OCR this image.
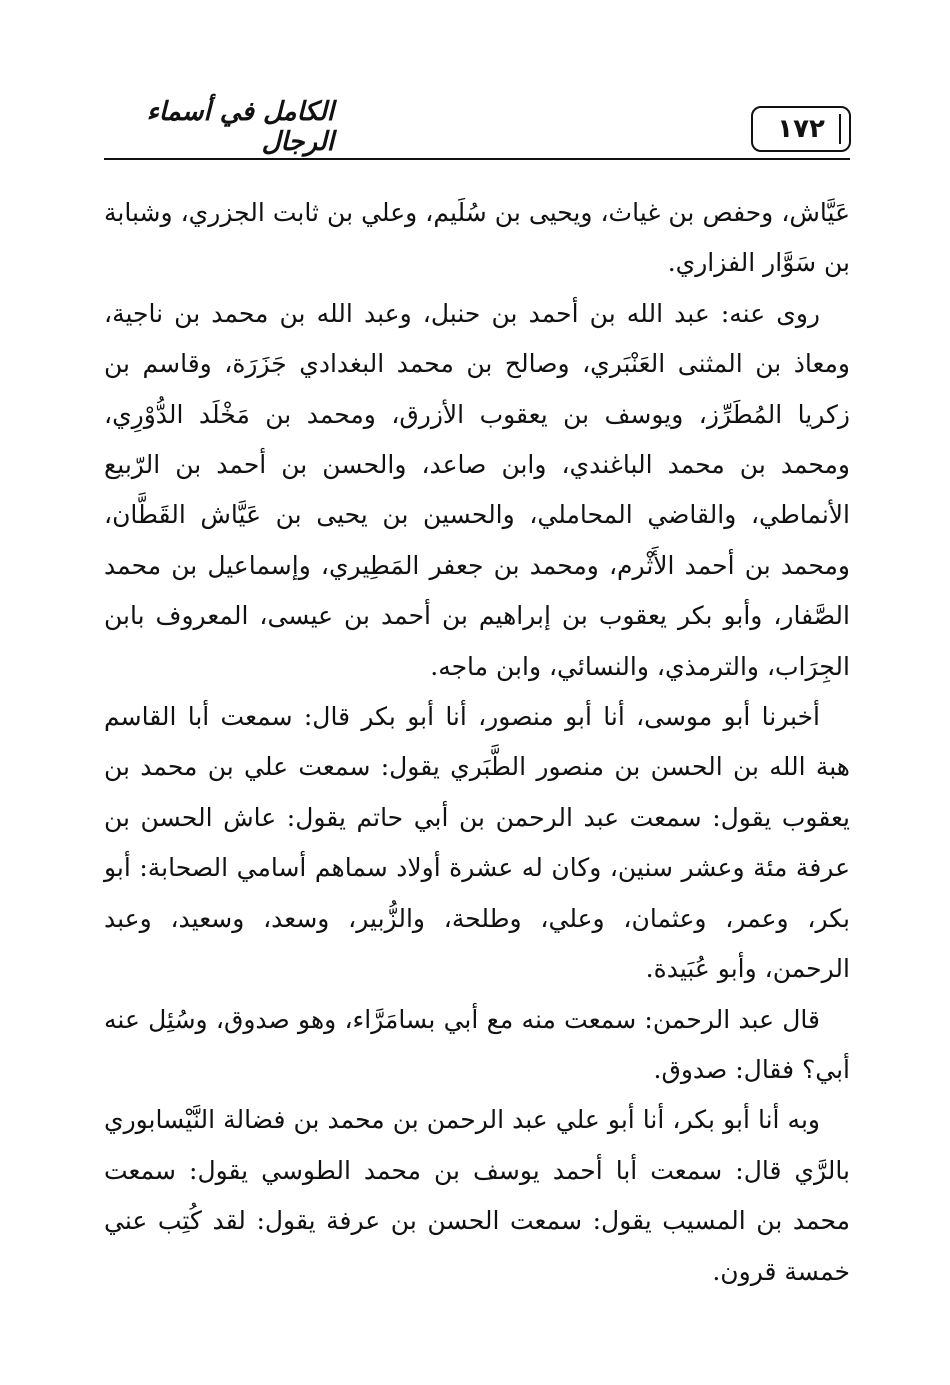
١٧٢
الكامل في أسماء الرجال

عَيَّاش، وحفص بن غياث، ويحيى بن سُلَيم، وعلي بن ثابت الجزري، وشبابة بن سَوَّار الفزاري.

روى عنه: عبد الله بن أحمد بن حنبل، وعبد الله بن محمد بن ناجية، ومعاذ بن المثنى العَنْبَري، وصالح بن محمد البغدادي جَزَرَة، وقاسم بن زكريا المُطَرِّز، ويوسف بن يعقوب الأزرق، ومحمد بن مَخْلَد الدُّوْرِي، ومحمد بن محمد الباغندي، وابن صاعد، والحسن بن أحمد بن الرّبيع الأنماطي، والقاضي المحاملي، والحسين بن يحيى بن عَيَّاش القَطَّان، ومحمد بن أحمد الأَثْرم، ومحمد بن جعفر المَطِيري، وإسماعيل بن محمد الصَّفار، وأبو بكر يعقوب بن إبراهيم بن أحمد بن عيسى، المعروف بابن الجِرَاب، والترمذي، والنسائي، وابن ماجه.

أخبرنا أبو موسى، أنا أبو منصور، أنا أبو بكر قال: سمعت أبا القاسم هبة الله بن الحسن بن منصور الطَّبَري يقول: سمعت علي بن محمد بن يعقوب يقول: سمعت عبد الرحمن بن أبي حاتم يقول: عاش الحسن بن عرفة مئة وعشر سنين، وكان له عشرة أولاد سماهم أسامي الصحابة: أبو بكر، وعمر، وعثمان، وعلي، وطلحة، والزُّبير، وسعد، وسعيد، وعبد الرحمن، وأبو عُبَيدة.

قال عبد الرحمن: سمعت منه مع أبي بسامَرَّاء، وهو صدوق، وسُئِل عنه أبي؟ فقال: صدوق.

وبه أنا أبو بكر، أنا أبو علي عبد الرحمن بن محمد بن فضالة النَّيْسابوري بالرَّي قال: سمعت أبا أحمد يوسف بن محمد الطوسي يقول: سمعت محمد بن المسيب يقول: سمعت الحسن بن عرفة يقول: لقد كُتِب عني خمسة قرون.
